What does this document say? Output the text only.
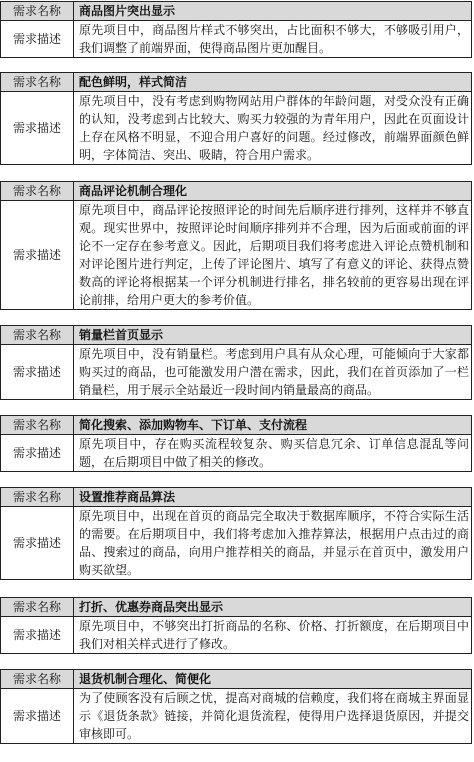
需求名称	商品图片突出显示
需求描述	原先项目中，商品图片样式不够突出，占比面积不够大，不够吸引用户，我们调整了前端界面，使得商品图片更加醒目。
需求名称	配色鲜明，样式简洁
需求描述	原先项目中，没有考虑到购物网站用户群体的年龄问题，对受众没有正确的认知，没考虑到占比较大、购买力较强的为青年用户，因此在页面设计上存在风格不明显，不迎合用户喜好的问题。经过修改，前端界面颜色鲜明，字体简洁、突出、吸睛，符合用户需求。
需求名称	商品评论机制合理化
需求描述	原先项目中，商品评论按照评论的时间先后顺序进行排列，这样并不够直观。现实世界中，按照评论时间顺序排列并不合理，因为后面或前面的评论不一定存在参考意义。因此，后期项目我们将考虑进入评论点赞机制和对评论图片进行判定，上传了评论图片、填写了有意义的评论、获得点赞数高的评论将根据某一个评分机制进行排名，排名较前的更容易出现在评论前排，给用户更大的参考价值。
需求名称	销量栏首页显示
需求描述	原先项目中，没有销量栏。考虑到用户具有从众心理，可能倾向于大家都购买过的商品，也可能激发用户潜在需求，因此，我们在首页添加了一栏销量栏，用于展示全站最近一段时间内销量最高的商品。
需求名称	简化搜索、添加购物车、下订单、支付流程
需求描述	原先项目中，存在购买流程较复杂、购买信息冗余、订单信息混乱等问题，在后期项目中做了相关的修改。
需求名称	设置推荐商品算法
需求描述	原先项目中，出现在首页的商品完全取决于数据库顺序，不符合实际生活的需要。在后期项目中，我们将考虑加入推荐算法，根据用户点击过的商品、搜索过的商品，向用户推荐相关的商品，并显示在首页中，激发用户购买欲望。
需求名称	打折、优惠券商品突出显示
需求描述	原先项目中，不够突出打折商品的名称、价格、打折额度，在后期项目中我们对相关样式进行了修改。
需求名称	退货机制合理化、简便化
需求描述	为了使顾客没有后顾之忧，提高对商城的信赖度，我们将在商城主界面显示《退货条款》链接，并简化退货流程，使得用户选择退货原因，并提交审核即可。
